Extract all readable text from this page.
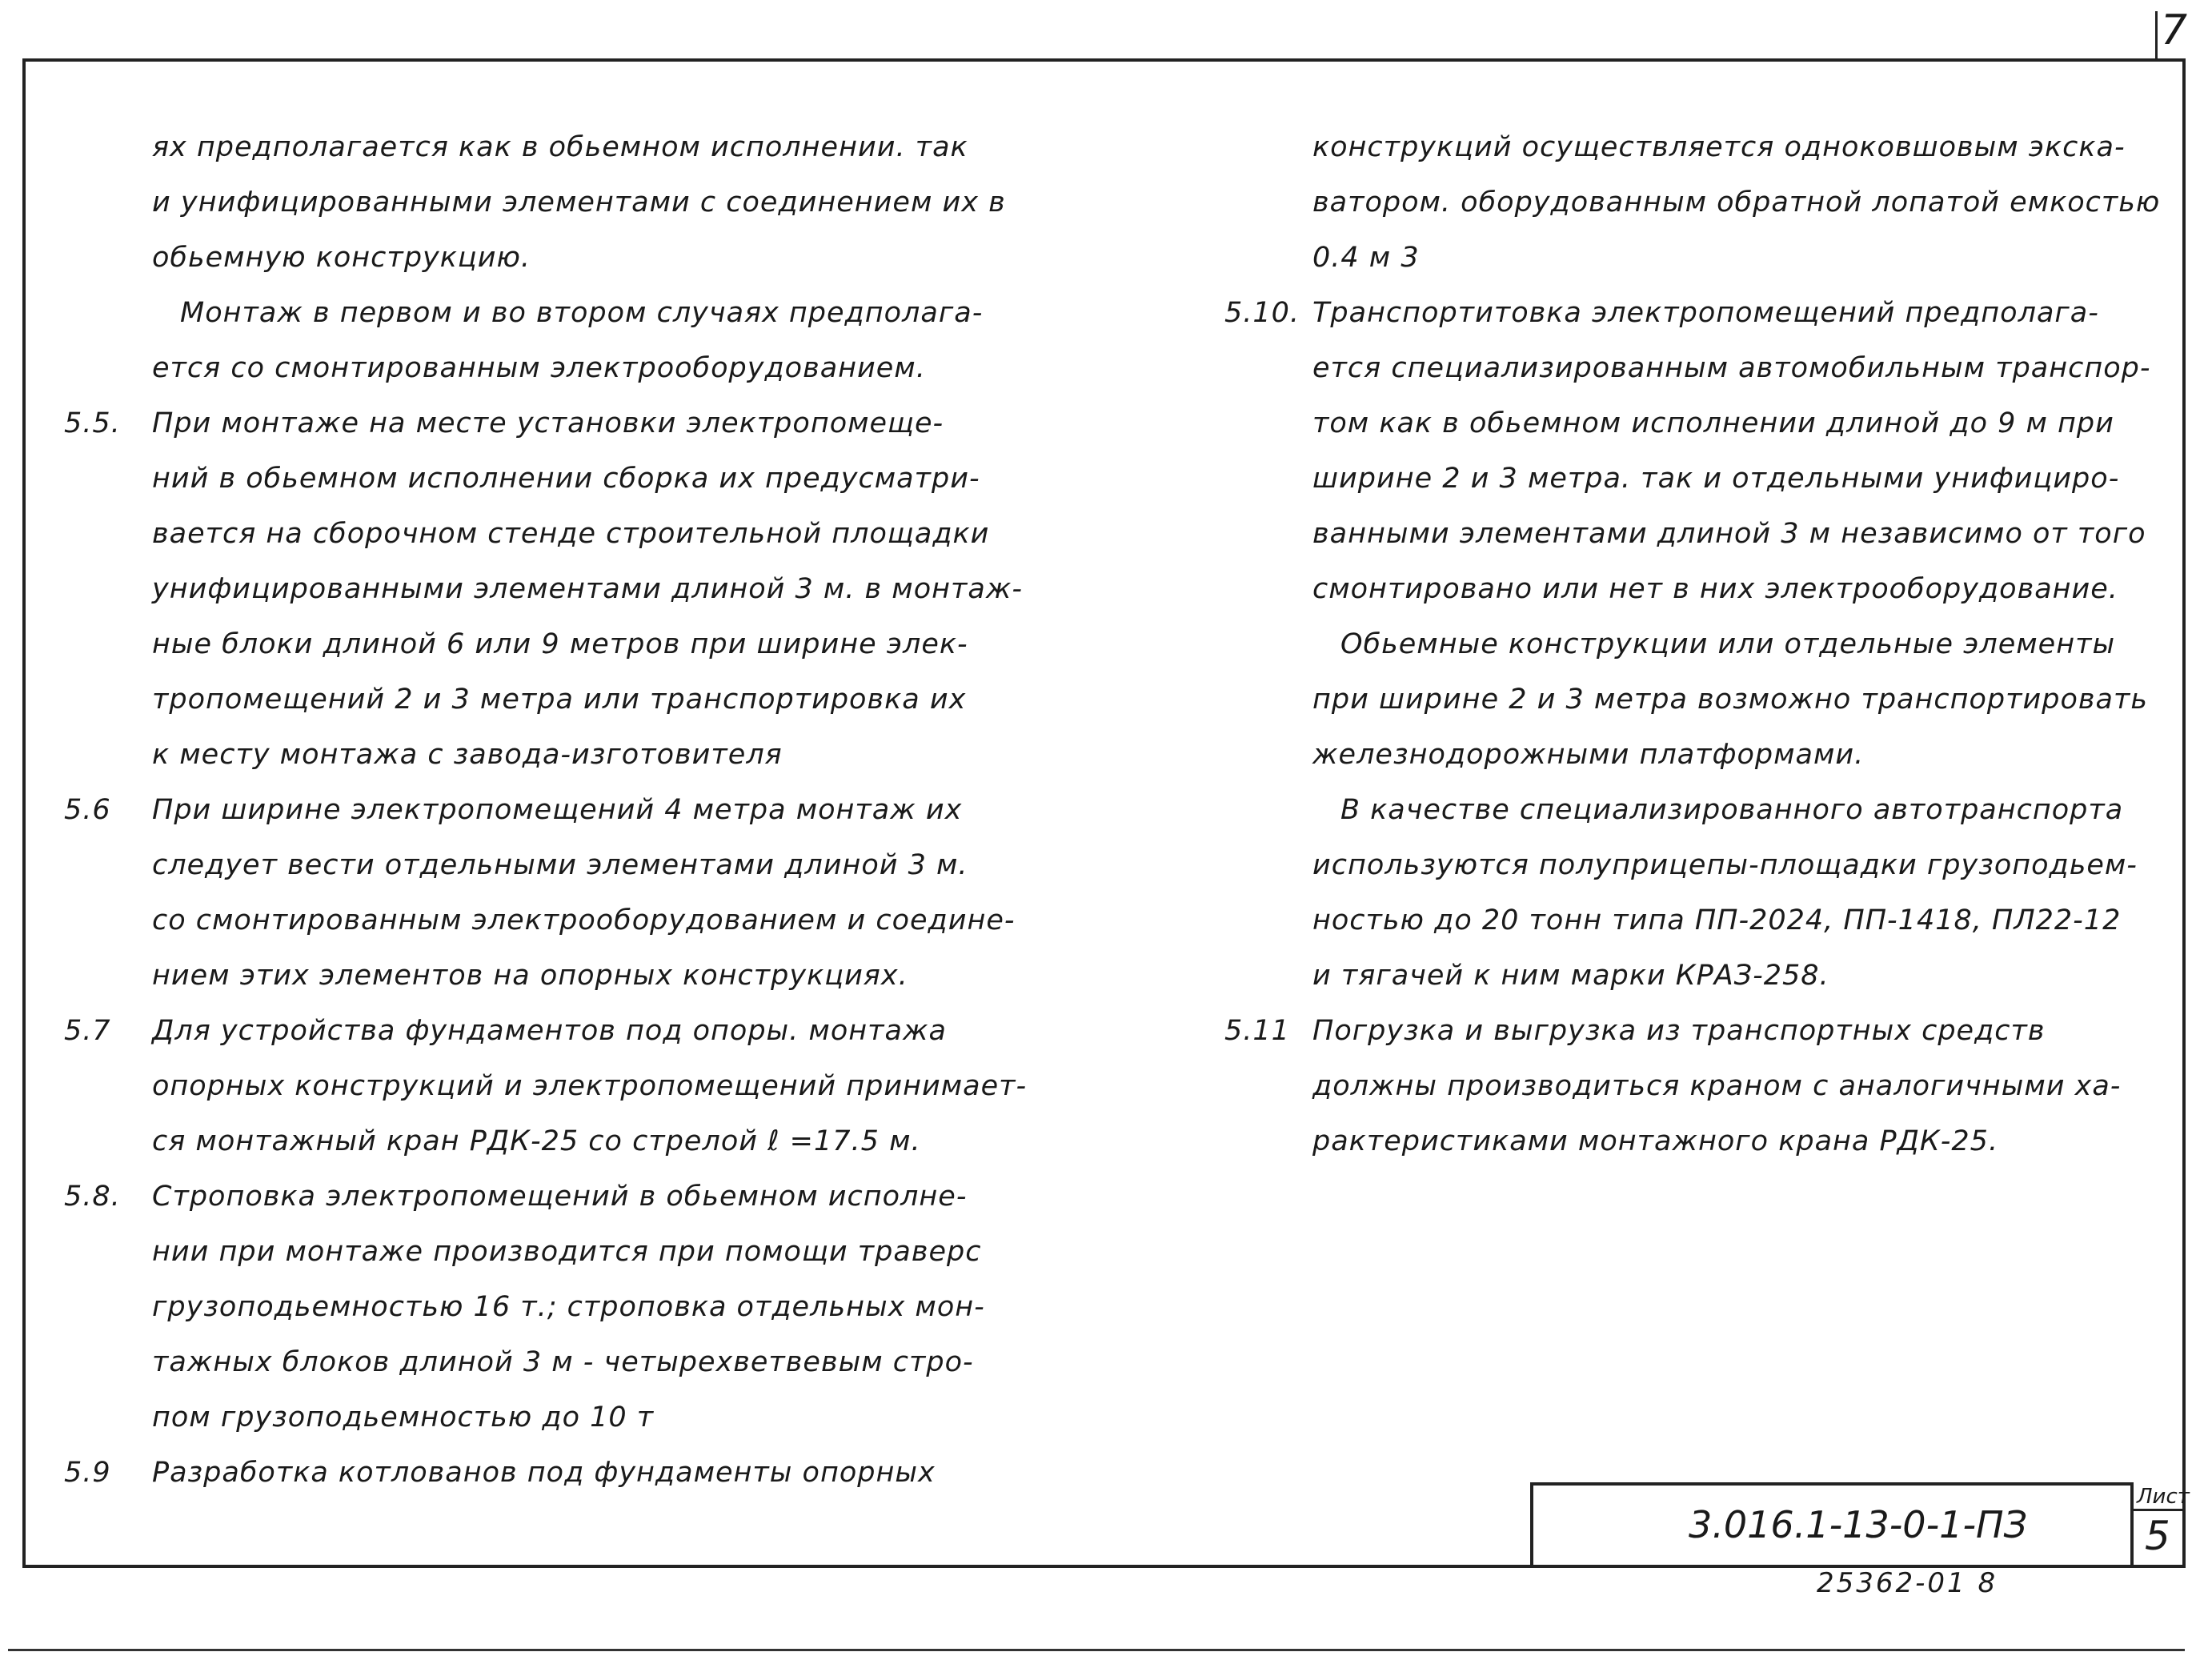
7
ях предполагается как в обьемном исполнении. так
и унифицированными элементами с соединением их в
обьемную конструкцию.
Монтаж в первом и во втором случаях предполага-
ется со смонтированным электрооборудованием.
5.5.	При монтаже на месте установки электропомеще-
ний в обьемном исполнении сборка их предусматри-
вается на сборочном стенде строительной площадки
унифицированными элементами длиной 3 м. в монтаж-
ные блоки длиной 6 или 9 метров при ширине элек-
тропомещений 2 и 3 метра или транспортировка их
к месту монтажа с завода-изготовителя
5.6	При ширине электропомещений 4 метра монтаж их
следует вести отдельными элементами длиной 3 м.
со смонтированным электрооборудованием и соедине-
нием этих элементов на опорных конструкциях.
5.7	Для устройства фундаментов под опоры. монтажа
опорных конструкций и электропомещений принимает-
ся монтажный кран РДК-25 со стрелой ℓ =17.5 м.
5.8.	Строповка электропомещений в обьемном исполне-
нии при монтаже производится при помощи траверс
грузоподьемностью 16 т.; строповка отдельных мон-
тажных блоков длиной 3 м - четырехветвевым стро-
пом грузоподьемностью до 10 т
5.9	Разработка котлованов под фундаменты опорных
конструкций осуществляется одноковшовым экска-
ватором. оборудованным обратной лопатой емкостью
0.4 м 3
5.10. Транспортитовка электропомещений предполага-
ется специализированным автомобильным транспор-
том как в обьемном исполнении длиной до 9 м при
ширине 2 и 3 метра. так и отдельными унифициро-
ванными элементами длиной 3 м независимо от того
смонтировано или нет в них электрооборудование.
Обьемные конструкции или отдельные элементы
при ширине 2 и 3 метра возможно транспортировать
железнодорожными платформами.
В качестве специализированного автотранспорта
используются полуприцепы-площадки грузоподьем-
ностью до 20 тонн типа ПП-2024, ПП-1418, ПЛ22-12
и тягачей к ним марки КРАЗ-258.
5.11 Погрузка и выгрузка из транспортных средств
должны производиться краном с аналогичными ха-
рактеристиками монтажного крана РДК-25.
3.016.1-13-0-1-ПЗ
Лист
5
25362-01 8
